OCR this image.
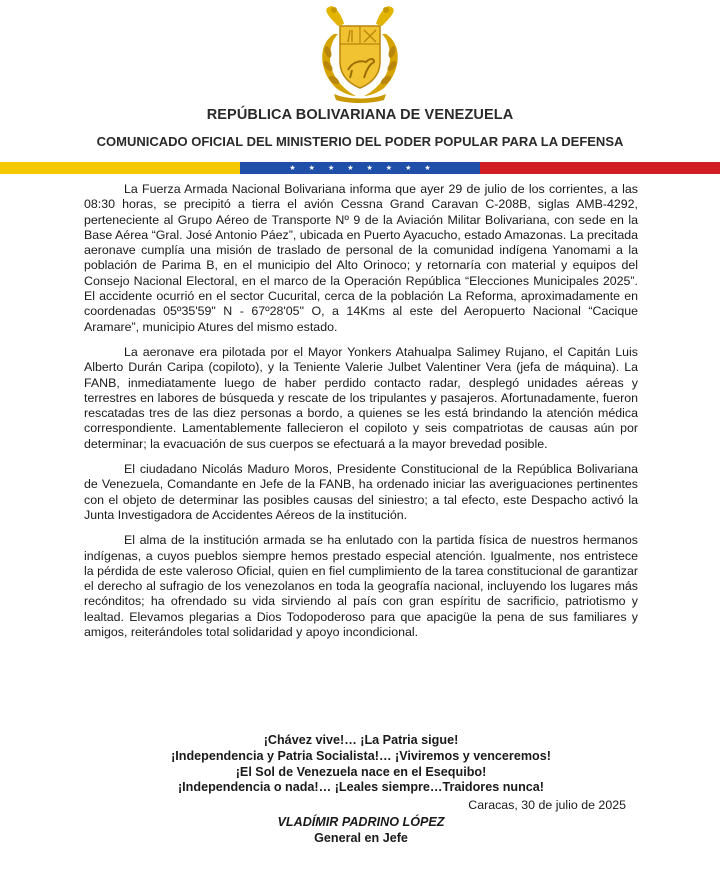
REPÚBLICA BOLIVARIANA DE VENEZUELA
COMUNICADO OFICIAL DEL MINISTERIO DEL PODER POPULAR PARA LA DEFENSA
★ ★ ★ ★ ★ ★ ★ ★

La Fuerza Armada Nacional Bolivariana informa que ayer 29 de julio de los corrientes, a las 08:30 horas, se precipitó a tierra el avión Cessna Grand Caravan C-208B, siglas AMB-4292, perteneciente al Grupo Aéreo de Transporte Nº 9 de la Aviación Militar Bolivariana, con sede en la Base Aérea “Gral. José Antonio Páez”, ubicada en Puerto Ayacucho, estado Amazonas. La precitada aeronave cumplía una misión de traslado de personal de la comunidad indígena Yanomami a la población de Parima B, en el municipio del Alto Orinoco; y retornaría con material y equipos del Consejo Nacional Electoral, en el marco de la Operación República “Elecciones Municipales 2025”. El accidente ocurrió en el sector Cucurital, cerca de la población La Reforma, aproximadamente en coordenadas 05º35'59" N - 67º28'05" O, a 14Kms al este del Aeropuerto Nacional “Cacique Aramare”, municipio Atures del mismo estado.

La aeronave era pilotada por el Mayor Yonkers Atahualpa Salimey Rujano, el Capitán Luis Alberto Durán Caripa (copiloto), y la Teniente Valerie Julbet Valentiner Vera (jefa de máquina). La FANB, inmediatamente luego de haber perdido contacto radar, desplegó unidades aéreas y terrestres en labores de búsqueda y rescate de los tripulantes y pasajeros. Afortunadamente, fueron rescatadas tres de las diez personas a bordo, a quienes se les está brindando la atención médica correspondiente. Lamentablemente fallecieron el copiloto y seis compatriotas de causas aún por determinar; la evacuación de sus cuerpos se efectuará a la mayor brevedad posible.

El ciudadano Nicolás Maduro Moros, Presidente Constitucional de la República Bolivariana de Venezuela, Comandante en Jefe de la FANB, ha ordenado iniciar las averiguaciones pertinentes con el objeto de determinar las posibles causas del siniestro; a tal efecto, este Despacho activó la Junta Investigadora de Accidentes Aéreos de la institución.

El alma de la institución armada se ha enlutado con la partida física de nuestros hermanos indígenas, a cuyos pueblos siempre hemos prestado especial atención. Igualmente, nos entristece la pérdida de este valeroso Oficial, quien en fiel cumplimiento de la tarea constitucional de garantizar el derecho al sufragio de los venezolanos en toda la geografía nacional, incluyendo los lugares más recónditos; ha ofrendado su vida sirviendo al país con gran espíritu de sacrificio, patriotismo y lealtad. Elevamos plegarias a Dios Todopoderoso para que apacigüe la pena de sus familiares y amigos, reiterándoles total solidaridad y apoyo incondicional.

¡Chávez vive!… ¡La Patria sigue!
¡Independencia y Patria Socialista!… ¡Viviremos y venceremos!
¡El Sol de Venezuela nace en el Esequibo!
¡Independencia o nada!… ¡Leales siempre…Traidores nunca!
Caracas, 30 de julio de 2025
VLADÍMIR PADRINO LÓPEZ
General en Jefe
